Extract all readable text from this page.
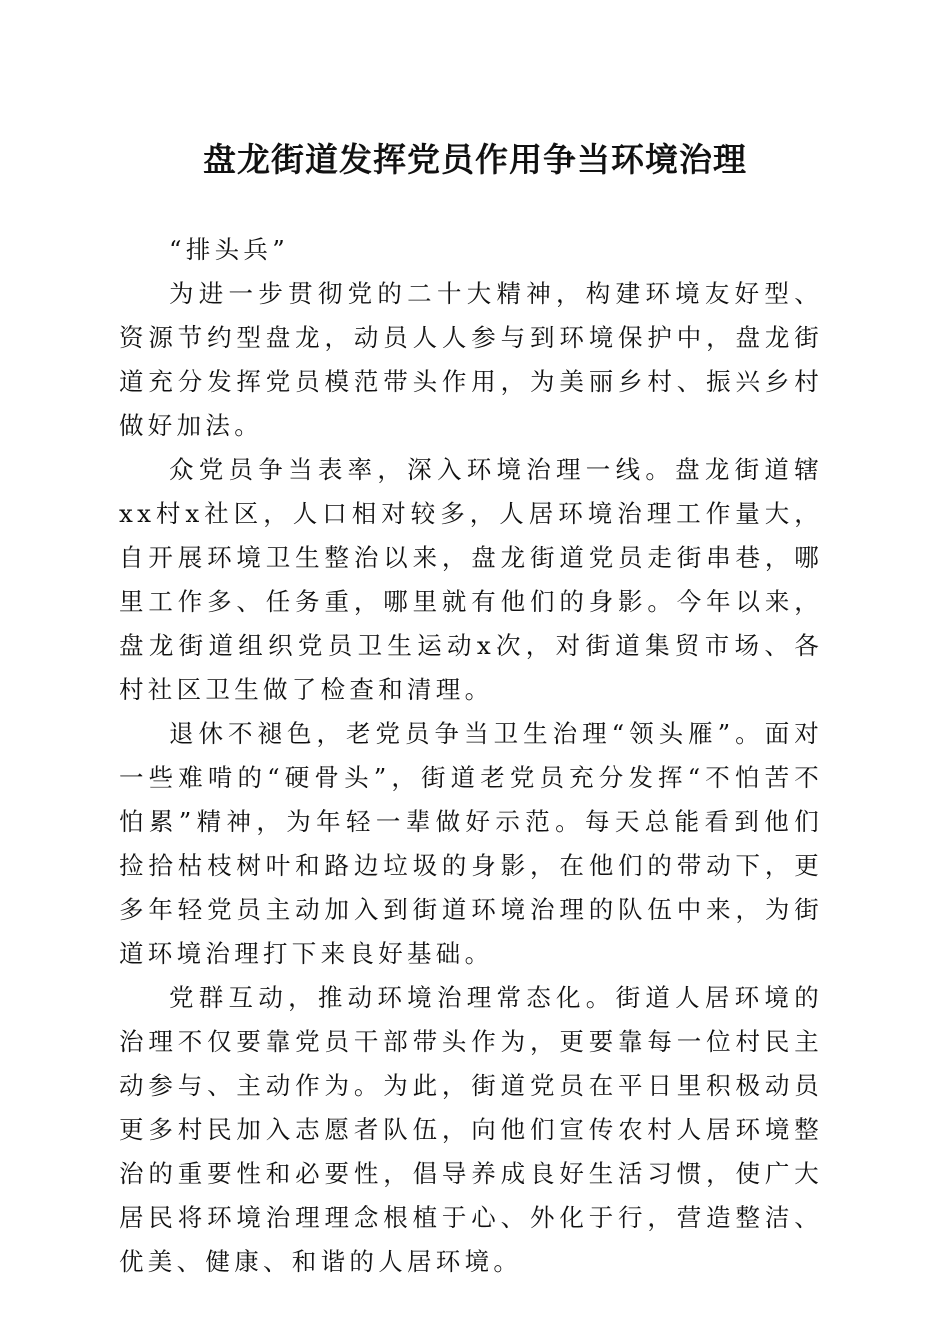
盘龙街道发挥党员作用争当环境治理

“排头兵”

为进一步贯彻党的二十大精神，构建环境友好型、资源节约型盘龙，动员人人参与到环境保护中，盘龙街道充分发挥党员模范带头作用，为美丽乡村、振兴乡村做好加法。

众党员争当表率，深入环境治理一线。盘龙街道辖xx村x社区，人口相对较多，人居环境治理工作量大，自开展环境卫生整治以来，盘龙街道党员走街串巷，哪里工作多、任务重，哪里就有他们的身影。今年以来，盘龙街道组织党员卫生运动x次，对街道集贸市场、各村社区卫生做了检查和清理。

退休不褪色，老党员争当卫生治理“领头雁”。面对一些难啃的“硬骨头”，街道老党员充分发挥“不怕苦不怕累”精神，为年轻一辈做好示范。每天总能看到他们捡拾枯枝树叶和路边垃圾的身影，在他们的带动下，更多年轻党员主动加入到街道环境治理的队伍中来，为街道环境治理打下来良好基础。

党群互动，推动环境治理常态化。街道人居环境的治理不仅要靠党员干部带头作为，更要靠每一位村民主动参与、主动作为。为此，街道党员在平日里积极动员更多村民加入志愿者队伍，向他们宣传农村人居环境整治的重要性和必要性，倡导养成良好生活习惯，使广大居民将环境治理理念根植于心、外化于行，营造整洁、优美、健康、和谐的人居环境。
